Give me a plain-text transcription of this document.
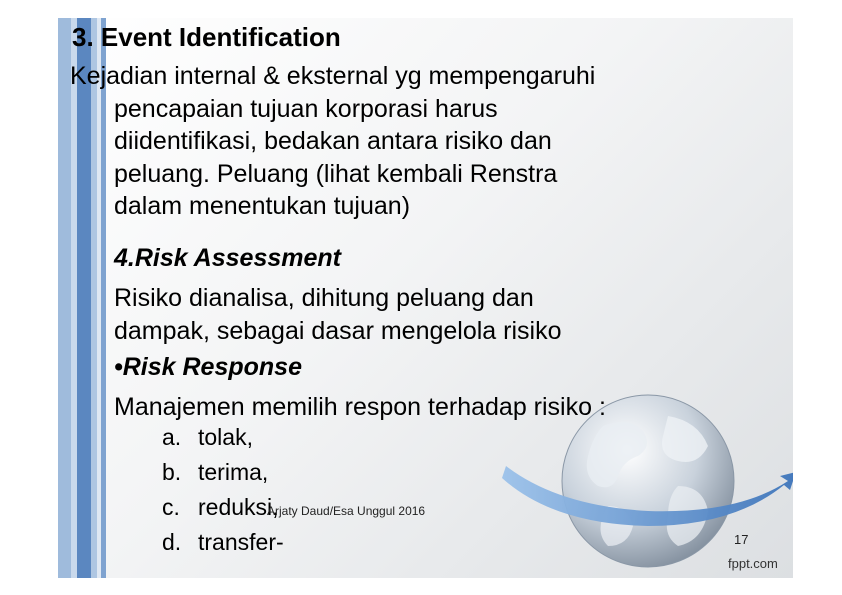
3. Event Identification
Kejadian internal & eksternal yg mempengaruhi
pencapaian tujuan korporasi harus
diidentifikasi, bedakan antara risiko dan
peluang. Peluang (lihat kembali Renstra
dalam menentukan tujuan)
4.Risk Assessment
Risiko dianalisa, dihitung peluang dan
dampak, sebagai dasar mengelola risiko
•Risk Response
Manajemen memilih respon terhadap risiko :
a. tolak,
b. terima,
c. reduksi,
d. transfer-
Arjaty Daud/Esa Unggul 2016
17
fppt.com
